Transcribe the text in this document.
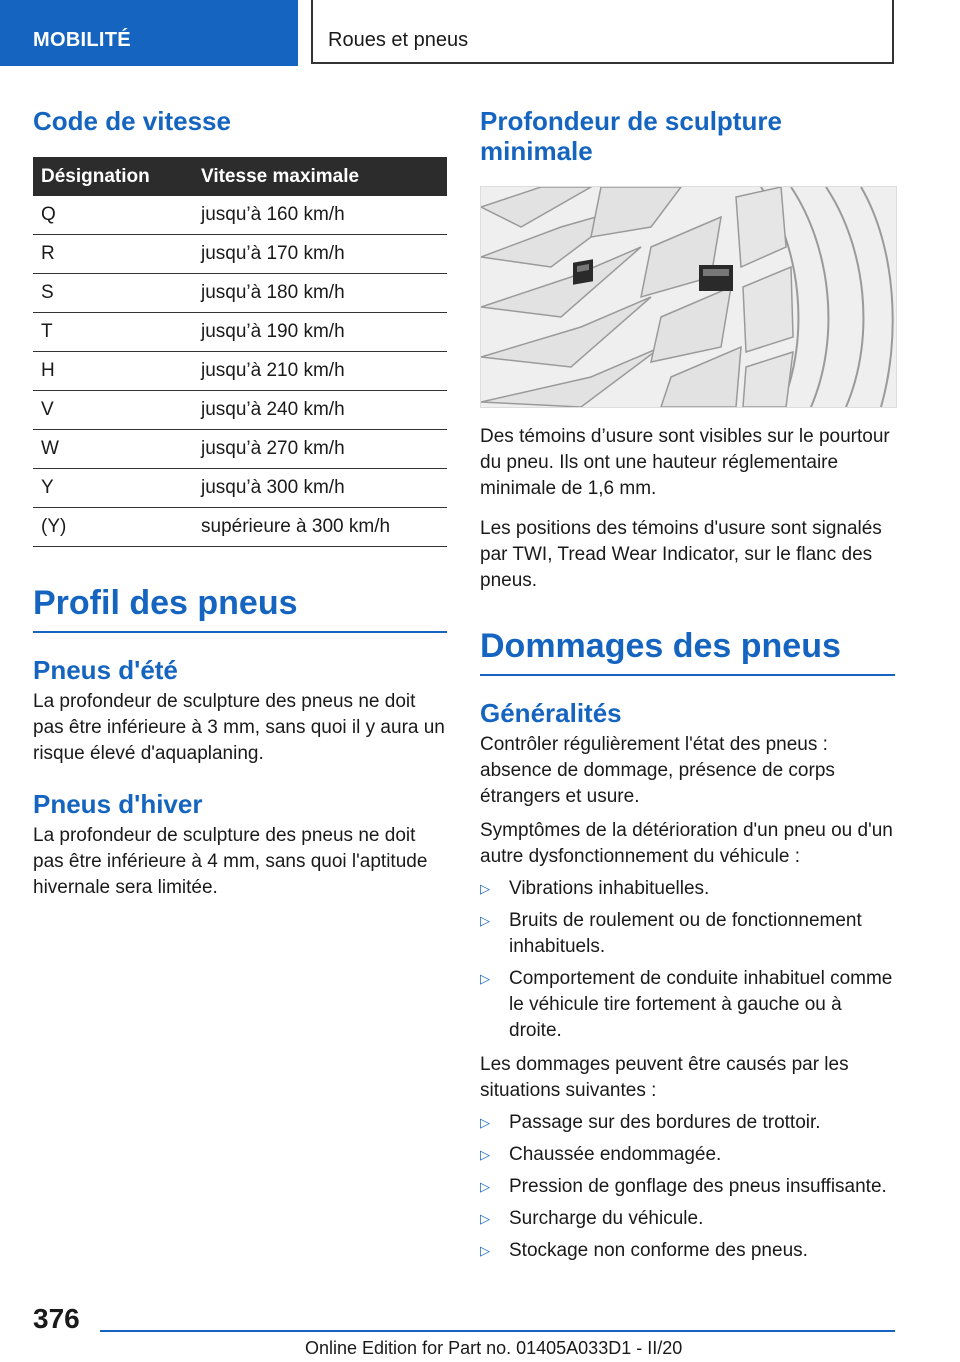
MOBILITÉ	Roues et pneus
Code de vitesse
Désignation	Vitesse maximale
Q	jusqu’à 160 km/h
R	jusqu’à 170 km/h
S	jusqu’à 180 km/h
T	jusqu’à 190 km/h
H	jusqu’à 210 km/h
V	jusqu’à 240 km/h
W	jusqu’à 270 km/h
Y	jusqu’à 300 km/h
(Y)	supérieure à 300 km/h
Profil des pneus
Pneus d'été

La profondeur de sculpture des pneus ne doit pas être inférieure à 3 mm, sans quoi il y aura un risque élevé d'aquaplaning.

Pneus d'hiver

La profondeur de sculpture des pneus ne doit pas être inférieure à 4 mm, sans quoi l'aptitude hivernale sera limitée.

Profondeur de sculpture minimale

Des témoins d’usure sont visibles sur le pourtour du pneu. Ils ont une hauteur réglementaire minimale de 1,6 mm.

Les positions des témoins d'usure sont signalés par TWI, Tread Wear Indicator, sur le flanc des pneus.

Dommages des pneus
Généralités

Contrôler régulièrement l'état des pneus : absence de dommage, présence de corps étrangers et usure.

Symptômes de la détérioration d'un pneu ou d'un autre dysfonctionnement du véhicule :

▷ Vibrations inhabituelles.
▷ Bruits de roulement ou de fonctionnement inhabituels.
▷ Comportement de conduite inhabituel comme le véhicule tire fortement à gauche ou à droite.

Les dommages peuvent être causés par les situations suivantes :

▷ Passage sur des bordures de trottoir.
▷ Chaussée endommagée.
▷ Pression de gonflage des pneus insuffisante.
▷ Surcharge du véhicule.
▷ Stockage non conforme des pneus.
376
Online Edition for Part no. 01405A033D1 - II/20
